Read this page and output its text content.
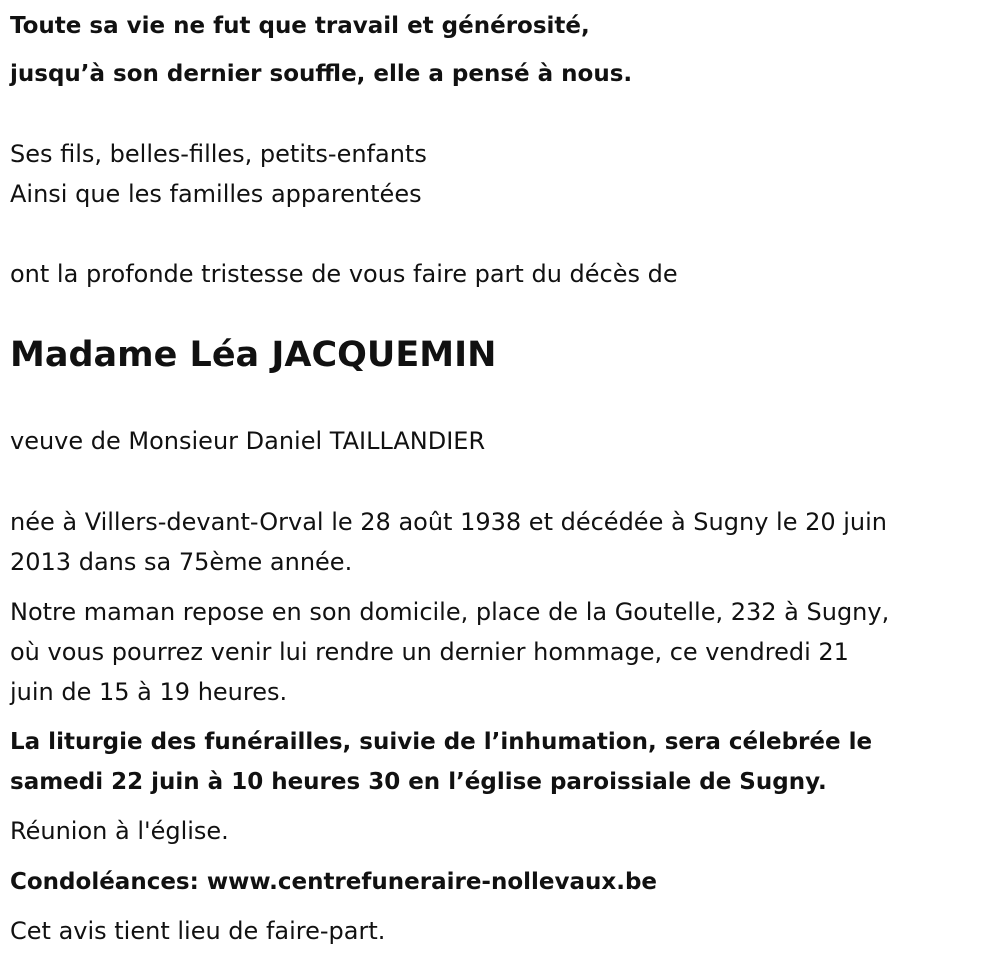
Toute sa vie ne fut que travail et générosité,
jusqu’à son dernier souffle, elle a pensé à nous.
Ses fils, belles-filles, petits-enfants
Ainsi que les familles apparentées
ont la profonde tristesse de vous faire part du décès de
Madame Léa JACQUEMIN
veuve de Monsieur Daniel TAILLANDIER
née à Villers-devant-Orval le 28 août 1938 et décédée à Sugny le 20 juin
2013 dans sa 75ème année.
Notre maman repose en son domicile, place de la Goutelle, 232 à Sugny,
où vous pourrez venir lui rendre un dernier hommage, ce vendredi 21
juin de 15 à 19 heures.
La liturgie des funérailles, suivie de l’inhumation, sera célebrée le
samedi 22 juin à 10 heures 30 en l’église paroissiale de Sugny.
Réunion à l'église.
Condoléances: www.centrefuneraire-nollevaux.be
Cet avis tient lieu de faire-part.
